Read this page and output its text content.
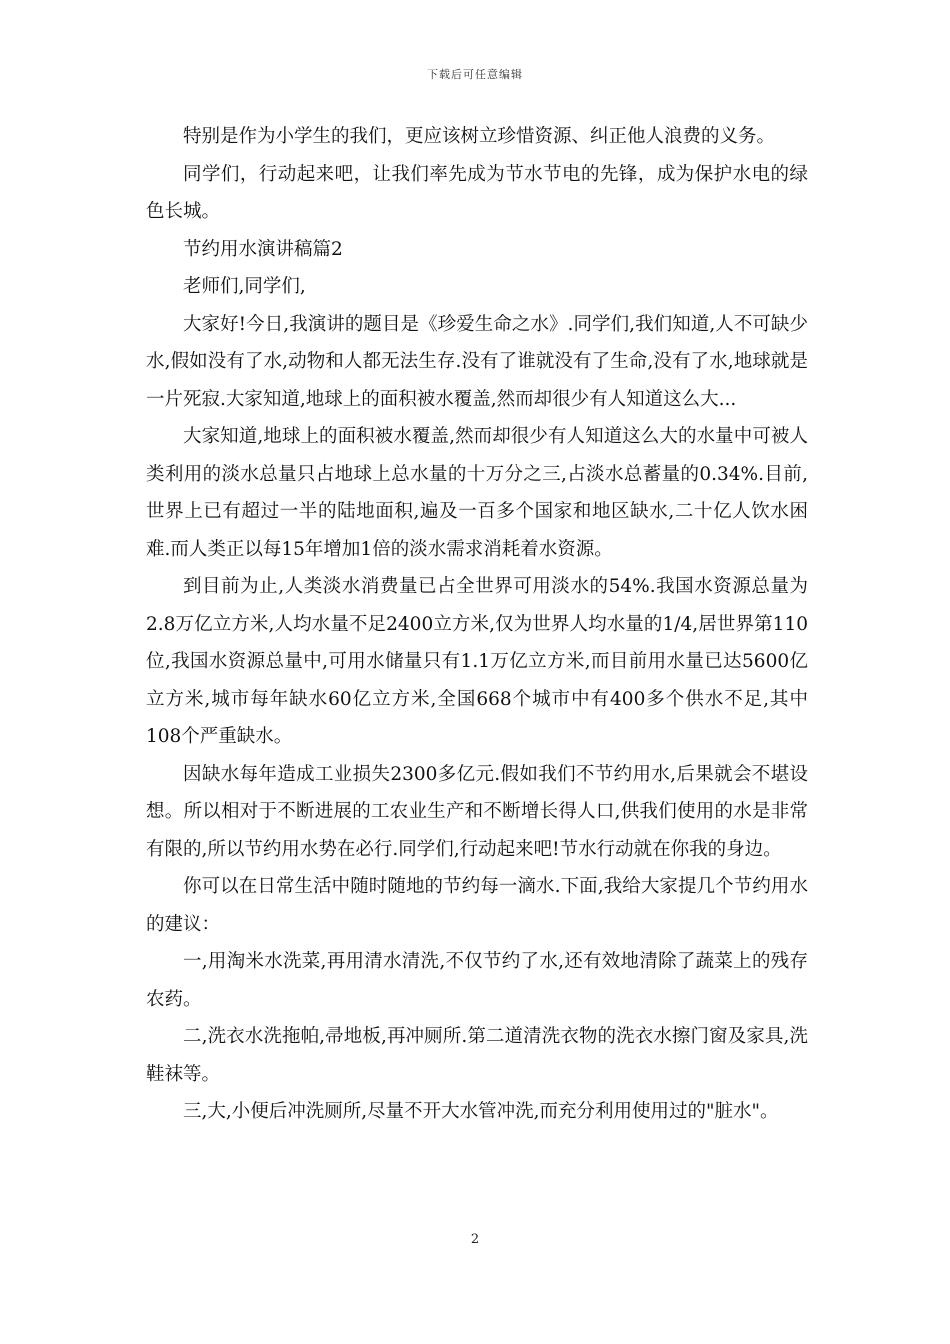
下载后可任意编辑

特别是作为小学生的我们，更应该树立珍惜资源、纠正他人浪费的义务。

同学们，行动起来吧，让我们率先成为节水节电的先锋，成为保护水电的绿色长城。

节约用水演讲稿篇2

老师们,同学们,

大家好!今日,我演讲的题目是《珍爱生命之水》.同学们,我们知道,人不可缺少水,假如没有了水,动物和人都无法生存.没有了谁就没有了生命,没有了水,地球就是一片死寂.大家知道,地球上的面积被水覆盖,然而却很少有人知道这么大...

大家知道,地球上的面积被水覆盖,然而却很少有人知道这么大的水量中可被人类利用的淡水总量只占地球上总水量的十万分之三,占淡水总蓄量的0.34%.目前,世界上已有超过一半的陆地面积,遍及一百多个国家和地区缺水,二十亿人饮水困难.而人类正以每15年增加1倍的淡水需求消耗着水资源。

到目前为止,人类淡水消费量已占全世界可用淡水的54%.我国水资源总量为2.8万亿立方米,人均水量不足2400立方米,仅为世界人均水量的1/4,居世界第110位,我国水资源总量中,可用水储量只有1.1万亿立方米,而目前用水量已达5600亿立方米,城市每年缺水60亿立方米,全国668个城市中有400多个供水不足,其中108个严重缺水。

因缺水每年造成工业损失2300多亿元.假如我们不节约用水,后果就会不堪设想。所以相对于不断进展的工农业生产和不断增长得人口,供我们使用的水是非常有限的,所以节约用水势在必行.同学们,行动起来吧!节水行动就在你我的身边。

你可以在日常生活中随时随地的节约每一滴水.下面,我给大家提几个节约用水的建议：

一,用淘米水洗菜,再用清水清洗,不仅节约了水,还有效地清除了蔬菜上的残存农药。

二,洗衣水洗拖帕,帚地板,再冲厕所.第二道清洗衣物的洗衣水擦门窗及家具,洗鞋袜等。

三,大,小便后冲洗厕所,尽量不开大水管冲洗,而充分利用使用过的"脏水"。

2
